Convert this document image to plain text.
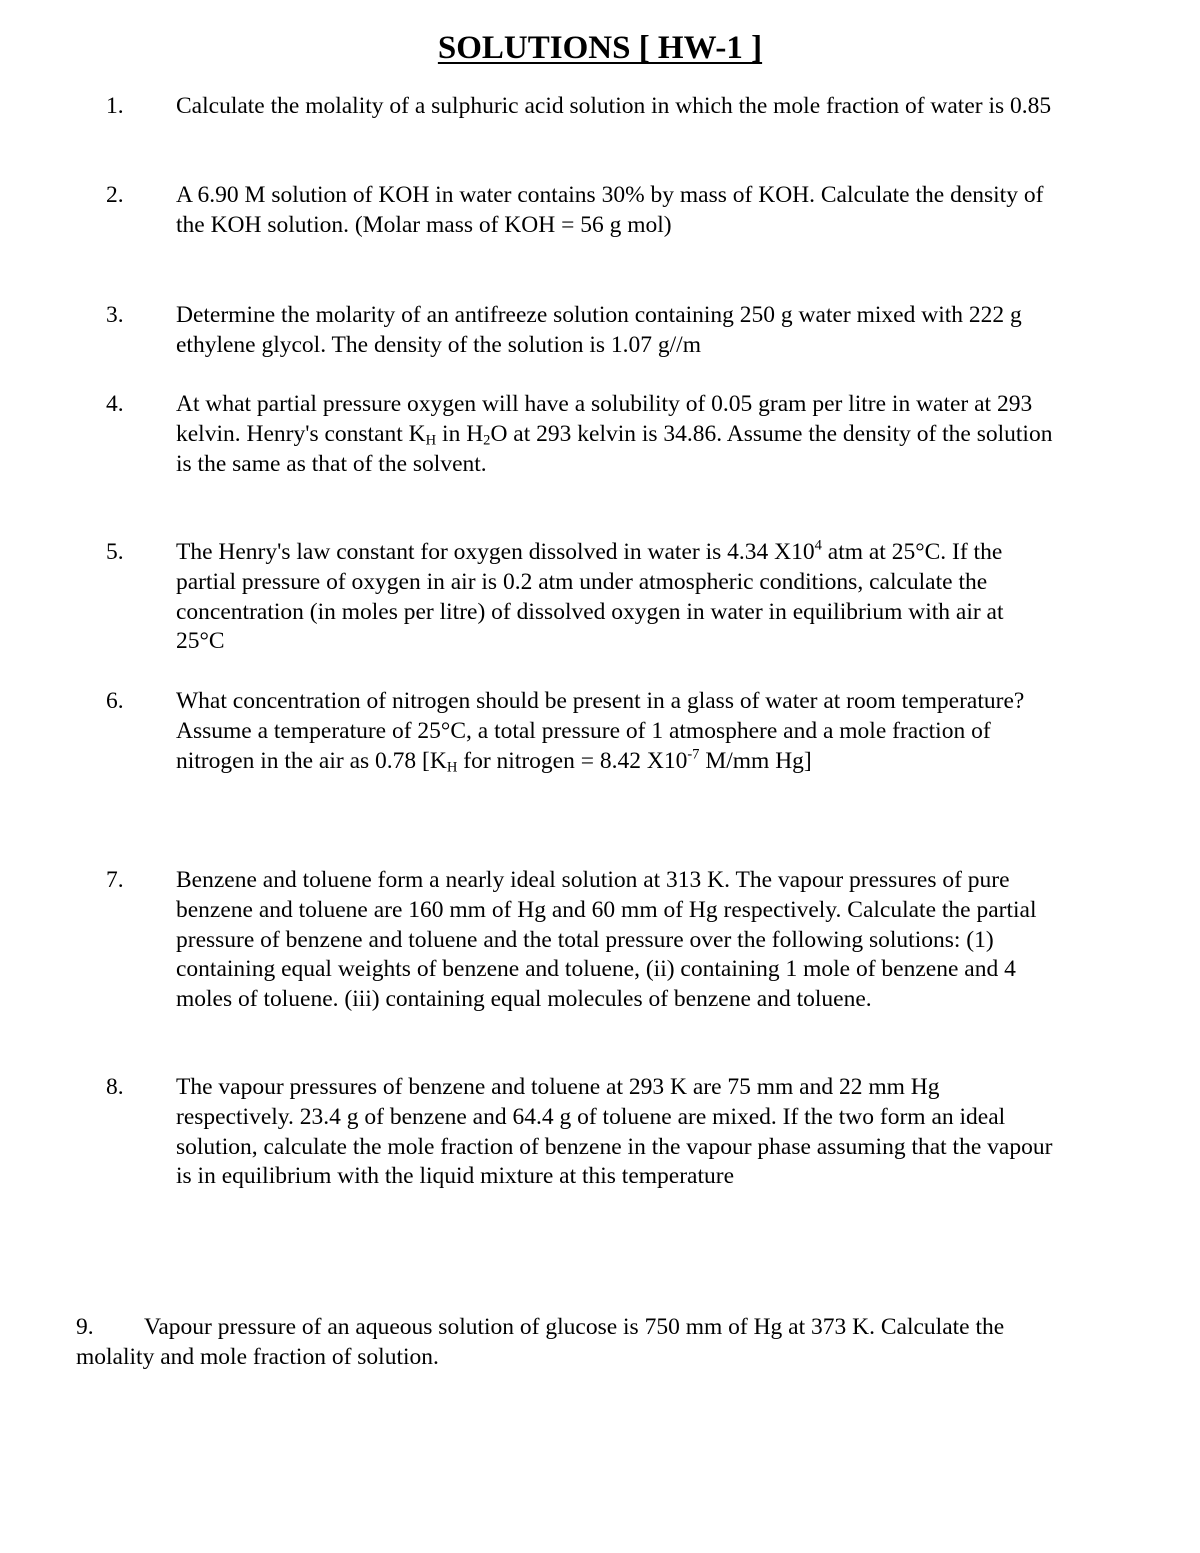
SOLUTIONS [ HW-1 ]
1.	Calculate the molality of a sulphuric acid solution in which the mole fraction of water is 0.85
2.	A 6.90 M solution of KOH in water contains 30% by mass of KOH. Calculate the density of the KOH solution. (Molar mass of KOH = 56 g mol)
3.	Determine the molarity of an antifreeze solution containing 250 g water mixed with 222 g ethylene glycol. The density of the solution is 1.07 g//m
4.	At what partial pressure oxygen will have a solubility of 0.05 gram per litre in water at 293 kelvin. Henry's constant $K_H$ in $H_2O$ at 293 kelvin is 34.86. Assume the density of the solution is the same as that of the solvent.
5.	The Henry's law constant for oxygen dissolved in water is 4.34 $X10^4$ atm at 25°C. If the partial pressure of oxygen in air is 0.2 atm under atmospheric conditions, calculate the concentration (in moles per litre) of dissolved oxygen in water in equilibrium with air at 25°C
6.	What concentration of nitrogen should be present in a glass of water at room temperature? Assume a temperature of 25°C, a total pressure of 1 atmosphere and a mole fraction of nitrogen in the air as 0.78 [$K_H$ for nitrogen = 8.42 $X10^{-7}$ M/mm Hg]
7.	Benzene and toluene form a nearly ideal solution at 313 K. The vapour pressures of pure benzene and toluene are 160 mm of Hg and 60 mm of Hg respectively. Calculate the partial pressure of benzene and toluene and the total pressure over the following solutions: (1) containing equal weights of benzene and toluene, (ii) containing 1 mole of benzene and 4 moles of toluene. (iii) containing equal molecules of benzene and toluene.
8.	The vapour pressures of benzene and toluene at 293 K are 75 mm and 22 mm Hg respectively. 23.4 g of benzene and 64.4 g of toluene are mixed. If the two form an ideal solution, calculate the mole fraction of benzene in the vapour phase assuming that the vapour is in equilibrium with the liquid mixture at this temperature
9. Vapour pressure of an aqueous solution of glucose is 750 mm of Hg at 373 K. Calculate the molality and mole fraction of solution.
